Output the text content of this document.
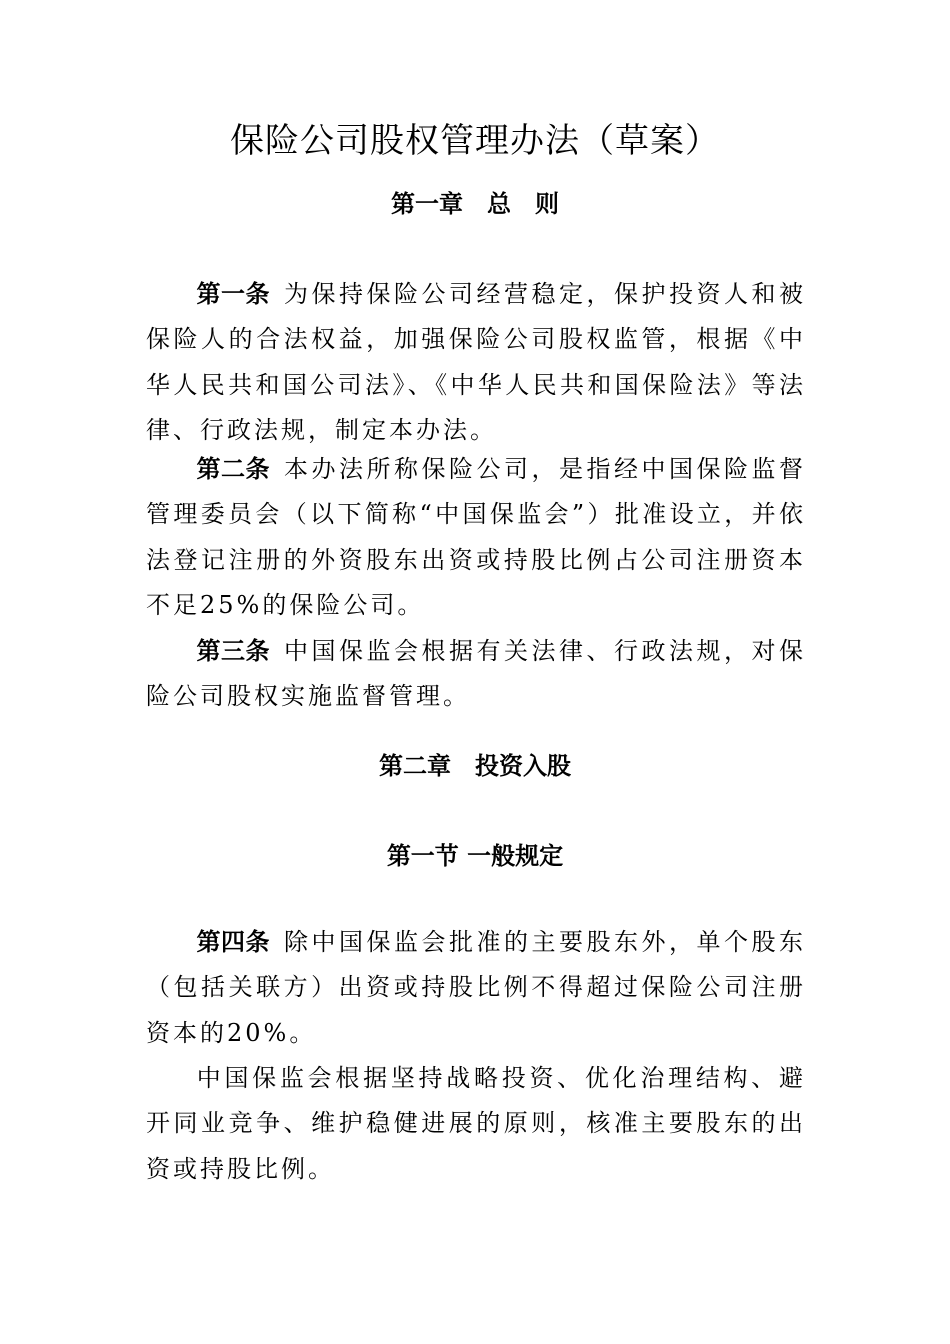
保险公司股权管理办法（草案）
第一章　总　则

第一条 为保持保险公司经营稳定，保护投资人和被保险人的合法权益，加强保险公司股权监管，根据《中华人民共和国公司法》、《中华人民共和国保险法》等法律、行政法规，制定本办法。

第二条 本办法所称保险公司，是指经中国保险监督管理委员会（以下简称“中国保监会”）批准设立，并依法登记注册的外资股东出资或持股比例占公司注册资本不足25%的保险公司。

第三条 中国保监会根据有关法律、行政法规，对保险公司股权实施监督管理。

第二章　投资入股
第一节 一般规定

第四条 除中国保监会批准的主要股东外，单个股东（包括关联方）出资或持股比例不得超过保险公司注册资本的20%。

中国保监会根据坚持战略投资、优化治理结构、避开同业竞争、维护稳健进展的原则，核准主要股东的出资或持股比例。
